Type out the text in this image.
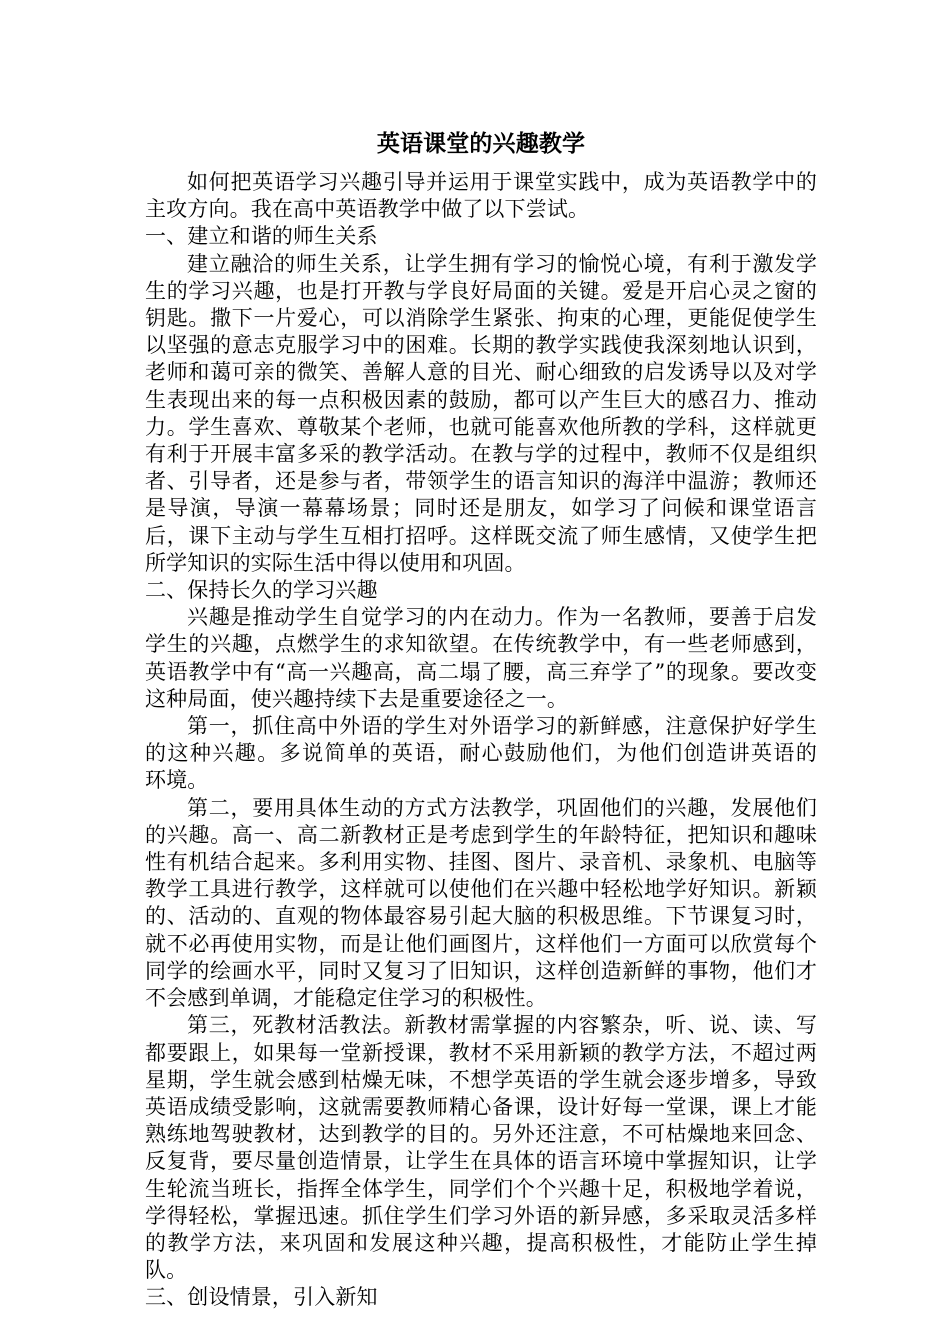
英语课堂的兴趣教学

如何把英语学习兴趣引导并运用于课堂实践中，成为英语教学中的主攻方向。我在高中英语教学中做了以下尝试。

一、建立和谐的师生关系

建立融洽的师生关系，让学生拥有学习的愉悦心境，有利于激发学生的学习兴趣，也是打开教与学良好局面的关键。爱是开启心灵之窗的钥匙。撒下一片爱心，可以消除学生紧张、拘束的心理，更能促使学生以坚强的意志克服学习中的困难。长期的教学实践使我深刻地认识到，老师和蔼可亲的微笑、善解人意的目光、耐心细致的启发诱导以及对学生表现出来的每一点积极因素的鼓励，都可以产生巨大的感召力、推动力。学生喜欢、尊敬某个老师，也就可能喜欢他所教的学科，这样就更有利于开展丰富多采的教学活动。在教与学的过程中，教师不仅是组织者、引导者，还是参与者，带领学生的语言知识的海洋中温游；教师还是导演，导演一幕幕场景；同时还是朋友，如学习了问候和课堂语言后，课下主动与学生互相打招呼。这样既交流了师生感情，又使学生把所学知识的实际生活中得以使用和巩固。

二、保持长久的学习兴趣

兴趣是推动学生自觉学习的内在动力。作为一名教师，要善于启发学生的兴趣，点燃学生的求知欲望。在传统教学中，有一些老师感到，英语教学中有“高一兴趣高，高二塌了腰，高三弃学了”的现象。要改变这种局面，使兴趣持续下去是重要途径之一。

第一，抓住高中外语的学生对外语学习的新鲜感，注意保护好学生的这种兴趣。多说简单的英语，耐心鼓励他们，为他们创造讲英语的　环境。

第二，要用具体生动的方式方法教学，巩固他们的兴趣，发展他们的兴趣。高一、高二新教材正是考虑到学生的年龄特征，把知识和趣味性有机结合起来。多利用实物、挂图、图片、录音机、录象机、电脑等教学工具进行教学，这样就可以使他们在兴趣中轻松地学好知识。新颖的、活动的、直观的物体最容易引起大脑的积极思维。下节课复习时，就不必再使用实物，而是让他们画图片，这样他们一方面可以欣赏每个同学的绘画水平，同时又复习了旧知识，这样创造新鲜的事物，他们才不会感到单调，才能稳定住学习的积极性。

第三，死教材活教法。新教材需掌握的内容繁杂，听、说、读、写都要跟上，如果每一堂新授课，教材不采用新颖的教学方法，不超过两星期，学生就会感到枯燥无味，不想学英语的学生就会逐步增多，导致英语成绩受影响，这就需要教师精心备课，设计好每一堂课，课上才能熟练地驾驶教材，达到教学的目的。另外还注意，不可枯燥地来回念、反复背，要尽量创造情景，让学生在具体的语言环境中掌握知识，让学生轮流当班长，指挥全体学生，同学们个个兴趣十足，积极地学着说，学得轻松，掌握迅速。抓住学生们学习外语的新异感，多采取灵活多样的教学方法，来巩固和发展这种兴趣，提高积极性，才能防止学生掉队。

三、创设情景，引入新知
